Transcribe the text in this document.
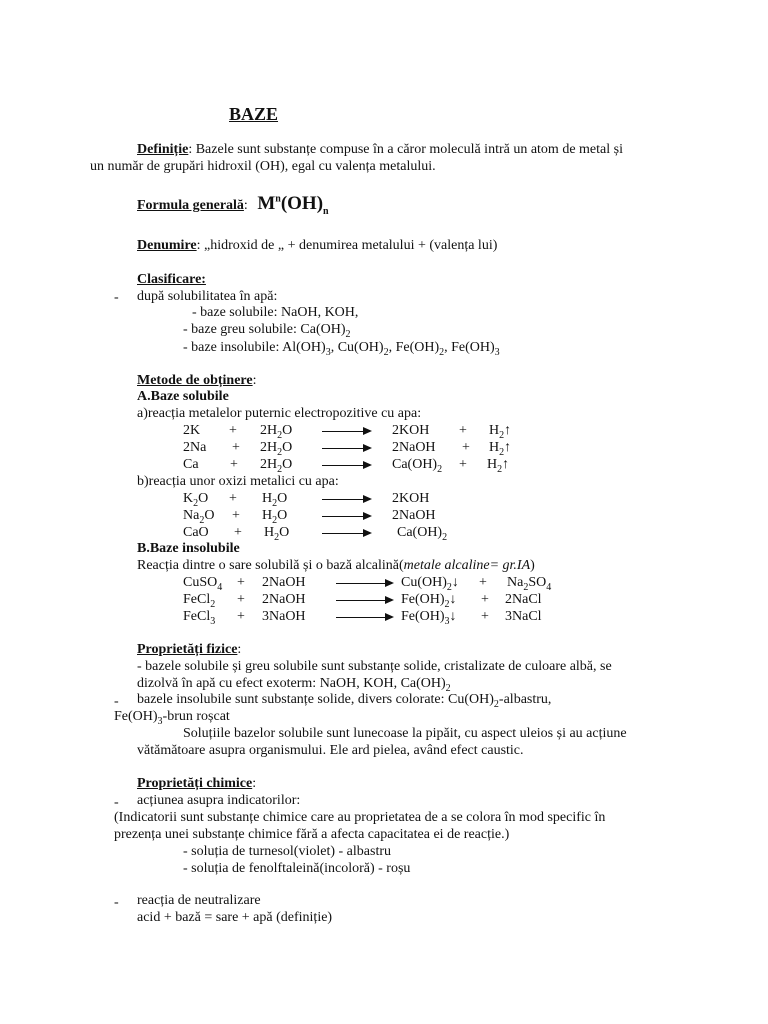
BAZE
Definiție: Bazele sunt substanțe compuse în a căror moleculă intră un atom de metal și
un număr de grupări hidroxil (OH), egal cu valența metalului.
Formula generală: $M^n(OH)_n$
Denumire: „hidroxid de „ + denumirea metalului + (valența lui)
Clasificare:
- după solubilitatea în apă:
- baze solubile: NaOH, KOH,
- baze greu solubile: $Ca(OH)_2$
- baze insolubile: $Al(OH)_3$, $Cu(OH)_2$, $Fe(OH)_2$, $Fe(OH)_3$
Metode de obținere:
A.Baze solubile
a)reacția metalelor puternic electropozitive cu apa:
$2K + 2H_2O$	$2KOH + H_2↑$
$2Na + 2H_2O$	2NaOH + $H_2↑$
$Ca + 2H_2O$	$Ca(OH)_2$ + $H_2↑$
b)reacția unor oxizi metalici cu apa:
$K_2O + H_2O$	2KOH
$Na_2O + H_2O$	2NaOH
CaO + $H_2O$	$Ca(OH)_2$
B.Baze insolubile
Reacția dintre o sare solubilă și o bază alcalină(metale alcaline= gr.IA)
CuSO$_4$ + 2NaOH → $Cu(OH)_2↓ + Na_2SO_4$
FeCl$_2$ + 2NaOH → $Fe(OH)_2↓$ + 2NaCl
FeCl$_3$ + 3NaOH → $Fe(OH)_3↓$ + 3NaCl
Proprietăți fizice:
- bazele solubile și greu solubile sunt substanțe solide, cristalizate de culoare albă, se
dizolvă în apă cu efect exoterm: NaOH, KOH, $Ca(OH)_2$
- bazele insolubile sunt substanțe solide, divers colorate: $Cu(OH)_2$-albastru,
$Fe(OH)_3$-brun roșcat
Soluțiile bazelor solubile sunt lunecoase la pipăit, cu aspect uleios și au acțiune
vătămătoare asupra organismului. Ele ard pielea, având efect caustic.
Proprietăți chimice:
- acțiunea asupra indicatorilor:
(Indicatorii sunt substanțe chimice care au proprietatea de a se colora în mod specific în
prezența unei substanțe chimice fără a afecta capacitatea ei de reacție.)
- soluția de turnesol(violet) - albastru
- soluția de fenolftaleină(incoloră) - roșu
- reacția de neutralizare
acid + bază = sare + apă (definiție)
